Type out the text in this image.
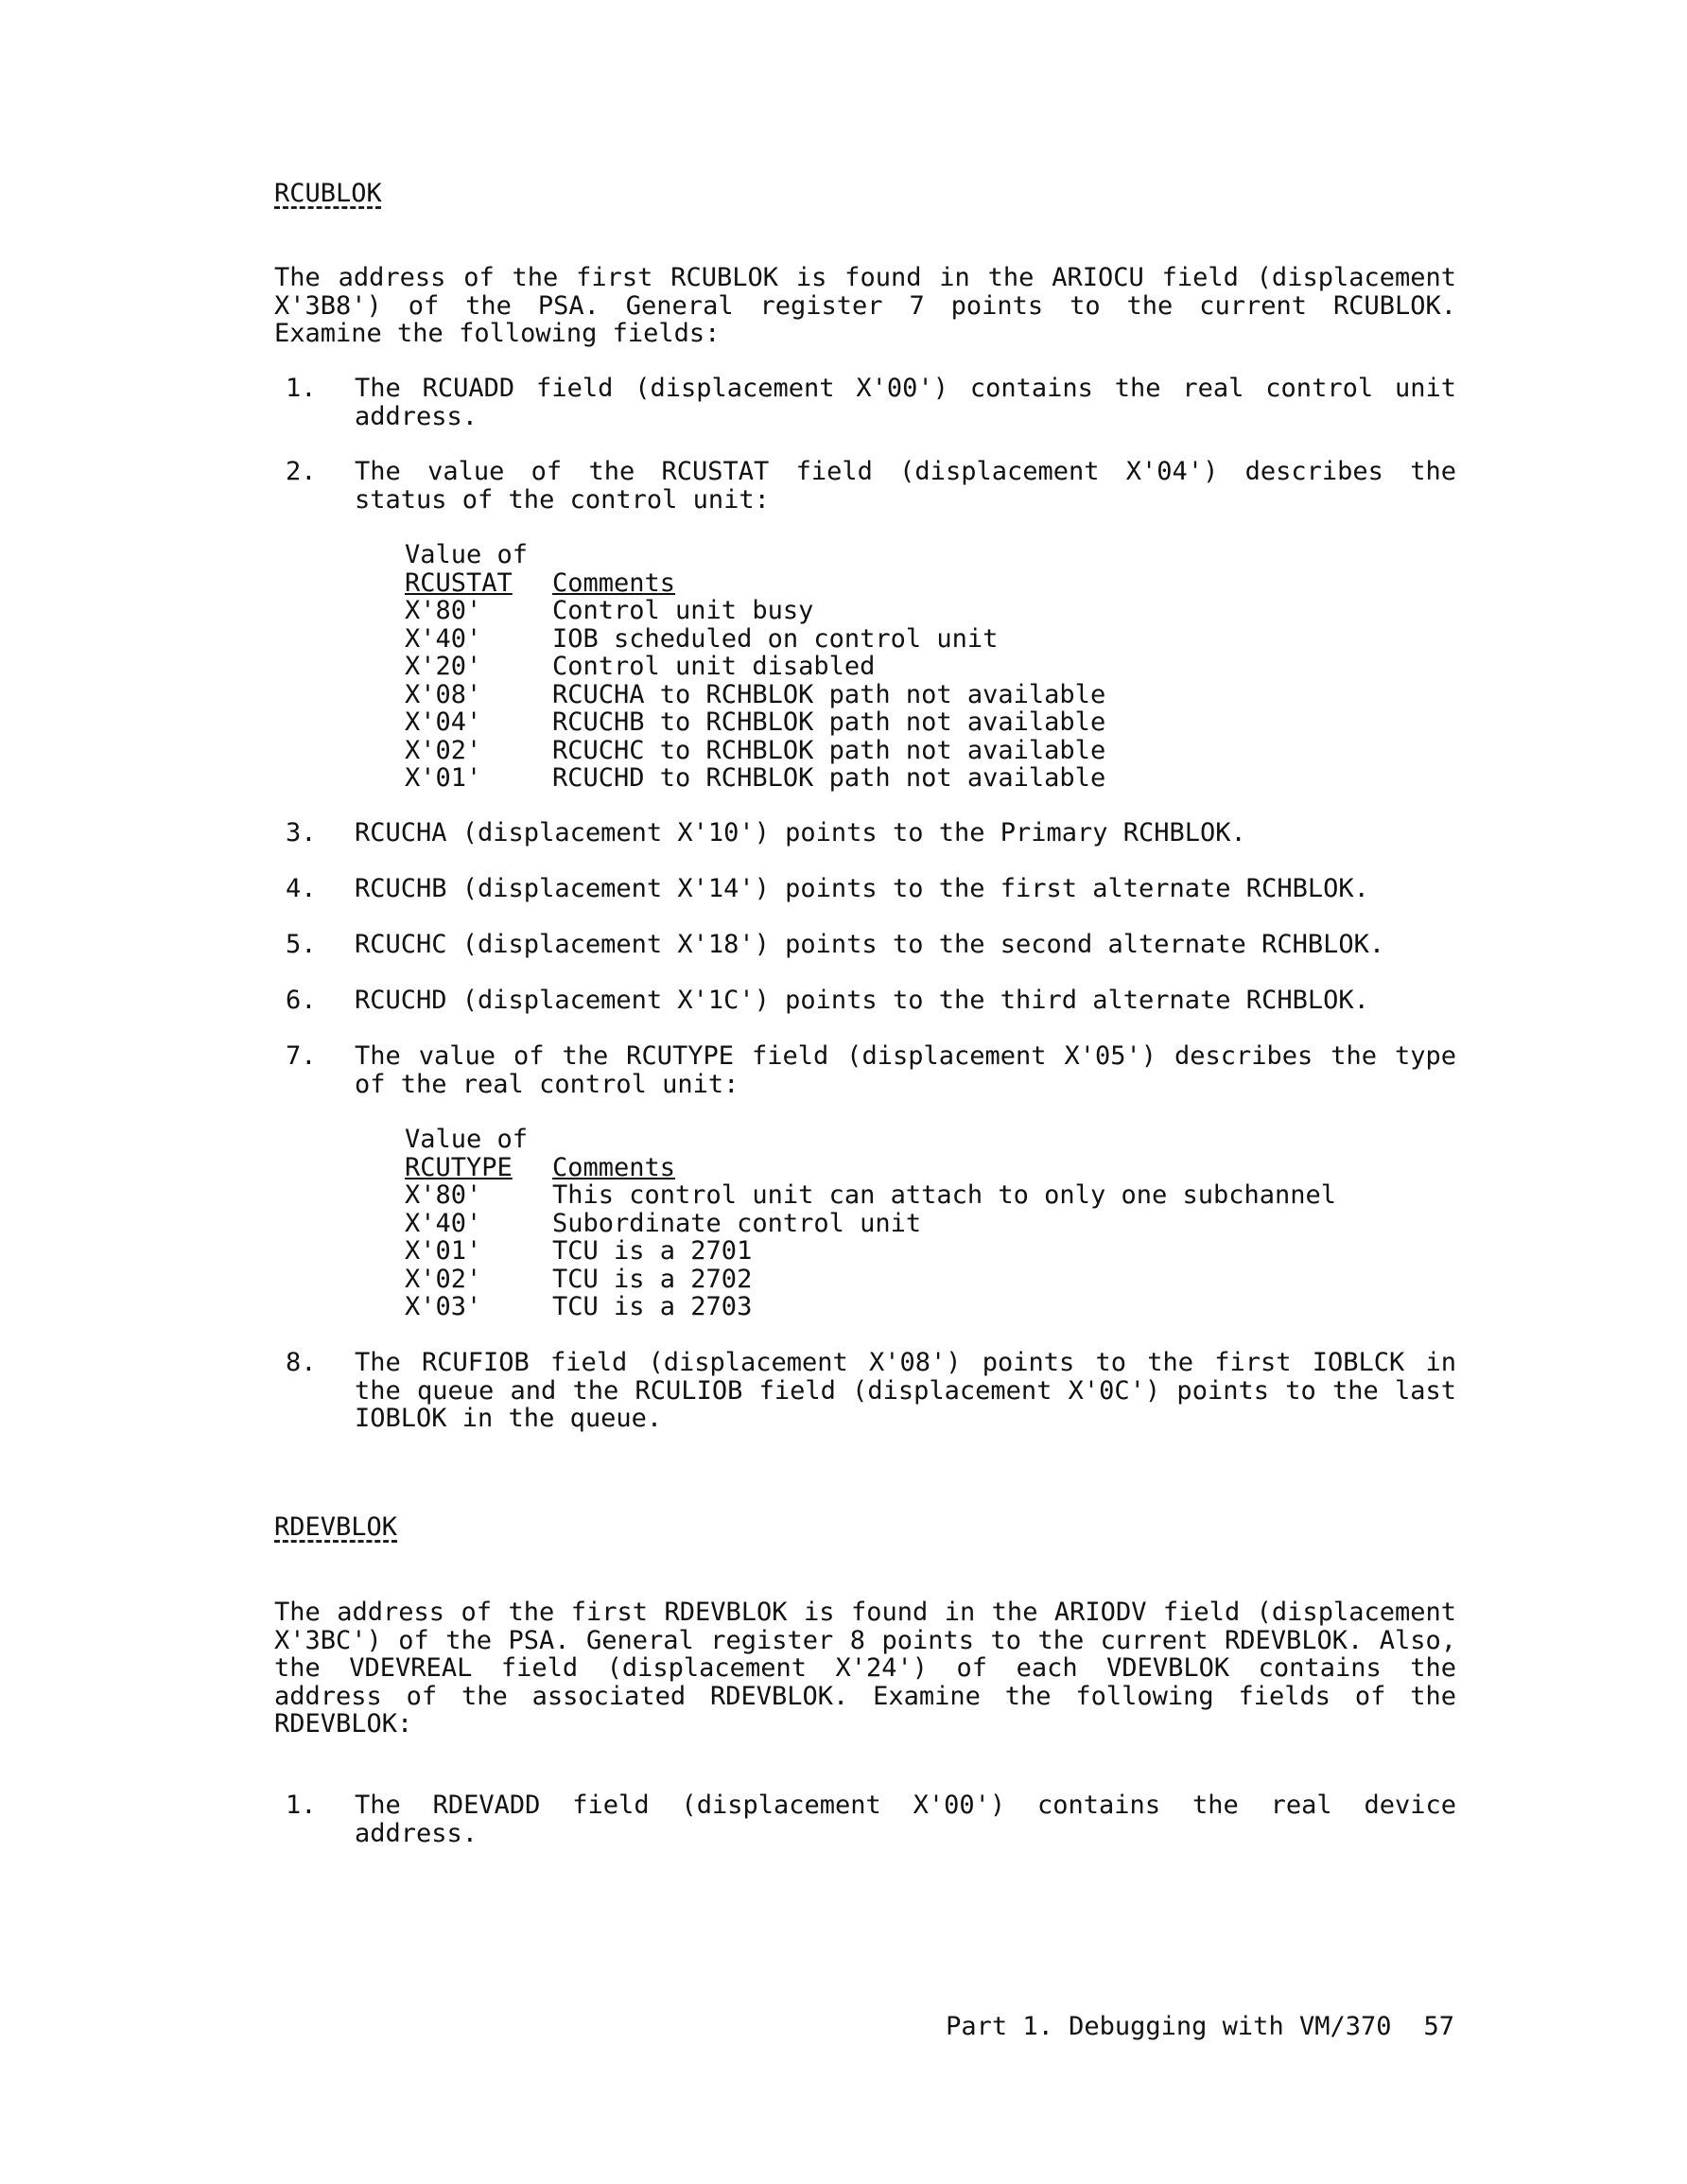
RCUBLOK

The address of the first RCUBLOK is found in the ARIOCU field (displacement X'3B8') of the PSA. General register 7 points to the current RCUBLOK. Examine the following fields:

1. The RCUADD field (displacement X'00') contains the real control unit address.
2. The value of the RCUSTAT field (displacement X'04') describes the status of the control unit:
Value of	
RCUSTAT	Comments
X'80'	Control unit busy
X'40'	IOB scheduled on control unit
X'20'	Control unit disabled
X'08'	RCUCHA to RCHBLOK path not available
X'04'	RCUCHB to RCHBLOK path not available
X'02'	RCUCHC to RCHBLOK path not available
X'01'	RCUCHD to RCHBLOK path not available
3. RCUCHA (displacement X'10') points to the Primary RCHBLOK.
4. RCUCHB (displacement X'14') points to the first alternate RCHBLOK.
5. RCUCHC (displacement X'18') points to the second alternate RCHBLOK.
6. RCUCHD (displacement X'1C') points to the third alternate RCHBLOK.
7. The value of the RCUTYPE field (displacement X'05') describes the type of the real control unit:
Value of	
RCUTYPE	Comments
X'80'	This control unit can attach to only one subchannel
X'40'	Subordinate control unit
X'01'	TCU is a 2701
X'02'	TCU is a 2702
X'03'	TCU is a 2703
8. The RCUFIOB field (displacement X'08') points to the first IOBLCK in the queue and the RCULIOB field (displacement X'0C') points to the last IOBLOK in the queue.
RDEVBLOK

The address of the first RDEVBLOK is found in the ARIODV field (displacement X'3BC') of the PSA. General register 8 points to the current RDEVBLOK. Also, the VDEVREAL field (displacement X'24') of each VDEVBLOK contains the address of the associated RDEVBLOK. Examine the following fields of the RDEVBLOK:

1. The RDEVADD field (displacement X'00') contains the real device address.
Part 1. Debugging with VM/370 57
